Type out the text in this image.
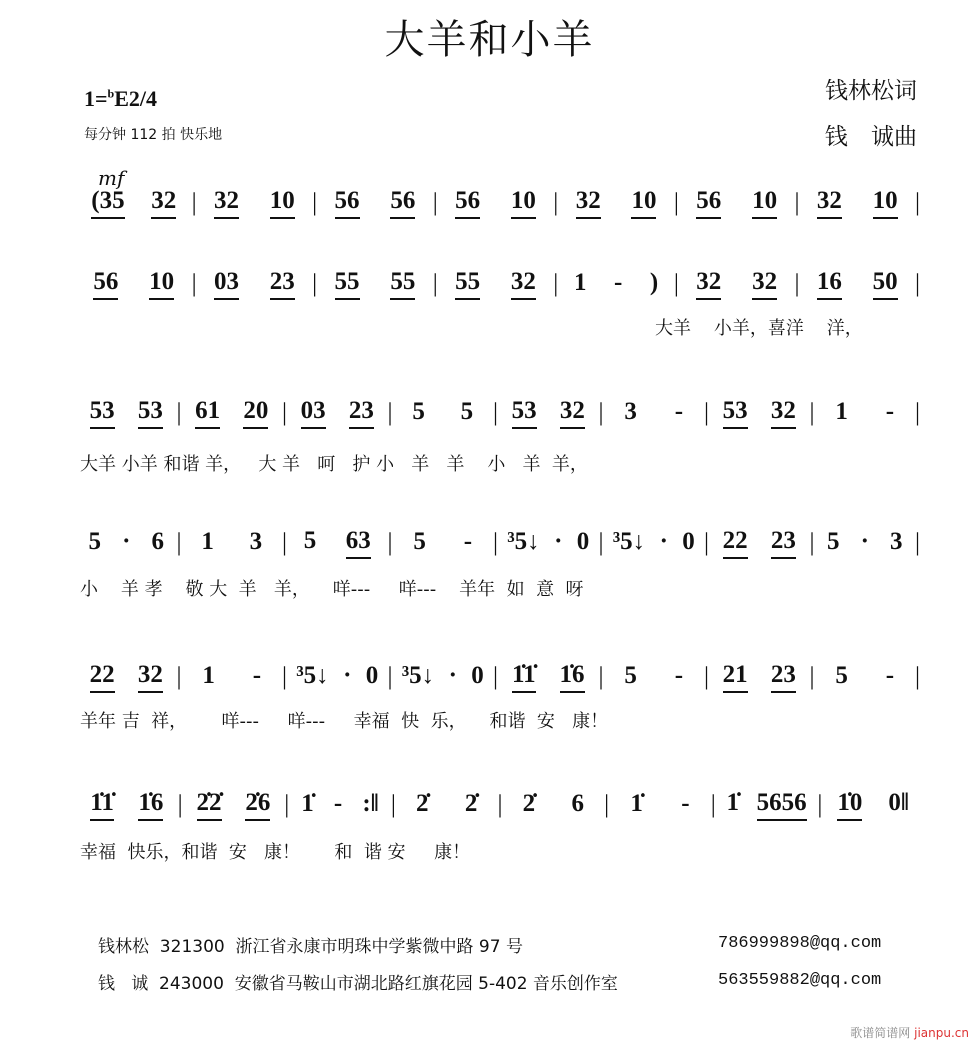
大羊和小羊
1=$^b$E2/4
每分钟 112 拍 快乐地
钱林松词
钱 诚曲
mf
(35 32 | 32 10 | 56 56 | 56 10 | 32 10 | 56 10 | 32 10 |
56 10 | 03 23 | 55 55 | 55 32 | 1 - ) | 32 32 | 16 50 |
53 53 | 61 20 | 03 23 | 5 5 | 53 32 | 3 - | 53 32 | 1 - |
5 · 6 | 1 3 | 5 63 | 5 - | ³5↓ · 0 | ³5↓ · 0 | 22 23 | 5 · 3 |
22 32 | 1 - | ³5↓ · 0 | ³5↓ · 0 | 1̇1̇ 1̇6 | 5 - | 21 23 | 5 - |
1̇1̇ 1̇6 | 2̇2̇ 2̇6 | 1̇ - :‖ | 2̇ 2̇ | 2̇ 6 | 1̇ - | 1̇ 5656 | 1̇0 0‖
大羊    小羊，喜洋    洋，
大羊 小羊 和谐 羊，   大 羊   呵   护 小   羊   羊    小   羊  羊，
小    羊 孝    敬 大  羊   羊，    咩---     咩---    羊年  如  意  呀
羊年 吉  祥，      咩---     咩---     幸福  快  乐，    和谐  安   康！
幸福  快乐，和谐  安   康！      和  谐 安     康！
钱林松  321300  浙江省永康市明珠中学紫微中路 97 号	786999898@qq.com
钱   诚  243000  安徽省马鞍山市湖北路红旗花园 5-402 音乐创作室	563559882@qq.com
歌谱简谱网 jianpu.cn
